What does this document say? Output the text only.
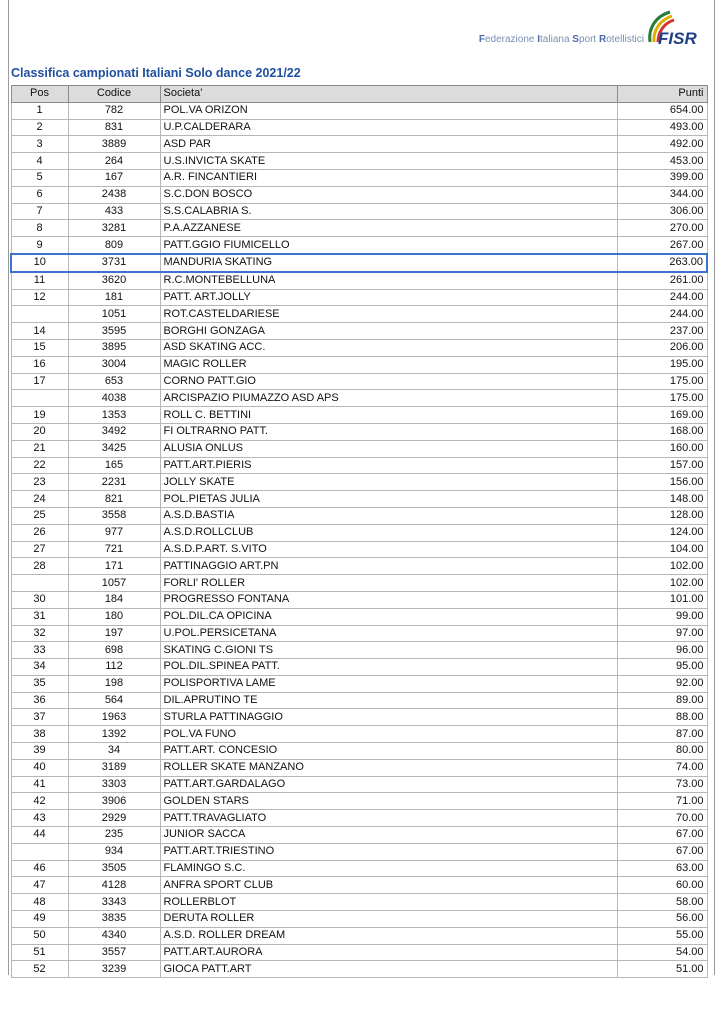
Federazione Italiana Sport Rotellistici FISR
Classifica campionati Italiani Solo dance 2021/22
Pos	Codice	Societa'	Punti
1	782	POL.VA ORIZON	654.00
2	831	U.P.CALDERARA	493.00
3	3889	ASD PAR	492.00
4	264	U.S.INVICTA SKATE	453.00
5	167	A.R. FINCANTIERI	399.00
6	2438	S.C.DON BOSCO	344.00
7	433	S.S.CALABRIA S.	306.00
8	3281	P.A.AZZANESE	270.00
9	809	PATT.GGIO FIUMICELLO	267.00
10	3731	MANDURIA SKATING	263.00
11	3620	R.C.MONTEBELLUNA	261.00
12	181	PATT. ART.JOLLY	244.00
	1051	ROT.CASTELDARIESE	244.00
14	3595	BORGHI GONZAGA	237.00
15	3895	ASD SKATING ACC.	206.00
16	3004	MAGIC ROLLER	195.00
17	653	CORNO PATT.GIO	175.00
	4038	ARCISPAZIO PIUMAZZO ASD APS	175.00
19	1353	ROLL C. BETTINI	169.00
20	3492	FI OLTRARNO PATT.	168.00
21	3425	ALUSIA ONLUS	160.00
22	165	PATT.ART.PIERIS	157.00
23	2231	JOLLY SKATE	156.00
24	821	POL.PIETAS JULIA	148.00
25	3558	A.S.D.BASTIA	128.00
26	977	A.S.D.ROLLCLUB	124.00
27	721	A.S.D.P.ART. S.VITO	104.00
28	171	PATTINAGGIO ART.PN	102.00
	1057	FORLI' ROLLER	102.00
30	184	PROGRESSO FONTANA	101.00
31	180	POL.DIL.CA OPICINA	99.00
32	197	U.POL.PERSICETANA	97.00
33	698	SKATING C.GIONI TS	96.00
34	112	POL.DIL.SPINEA PATT.	95.00
35	198	POLISPORTIVA LAME	92.00
36	564	DIL.APRUTINO TE	89.00
37	1963	STURLA PATTINAGGIO	88.00
38	1392	POL.VA FUNO	87.00
39	34	PATT.ART. CONCESIO	80.00
40	3189	ROLLER SKATE MANZANO	74.00
41	3303	PATT.ART.GARDALAGO	73.00
42	3906	GOLDEN STARS	71.00
43	2929	PATT.TRAVAGLIATO	70.00
44	235	JUNIOR SACCA	67.00
	934	PATT.ART.TRIESTINO	67.00
46	3505	FLAMINGO S.C.	63.00
47	4128	ANFRA SPORT CLUB	60.00
48	3343	ROLLERBLOT	58.00
49	3835	DERUTA ROLLER	56.00
50	4340	A.S.D. ROLLER DREAM	55.00
51	3557	PATT.ART.AURORA	54.00
52	3239	GIOCA PATT.ART	51.00
